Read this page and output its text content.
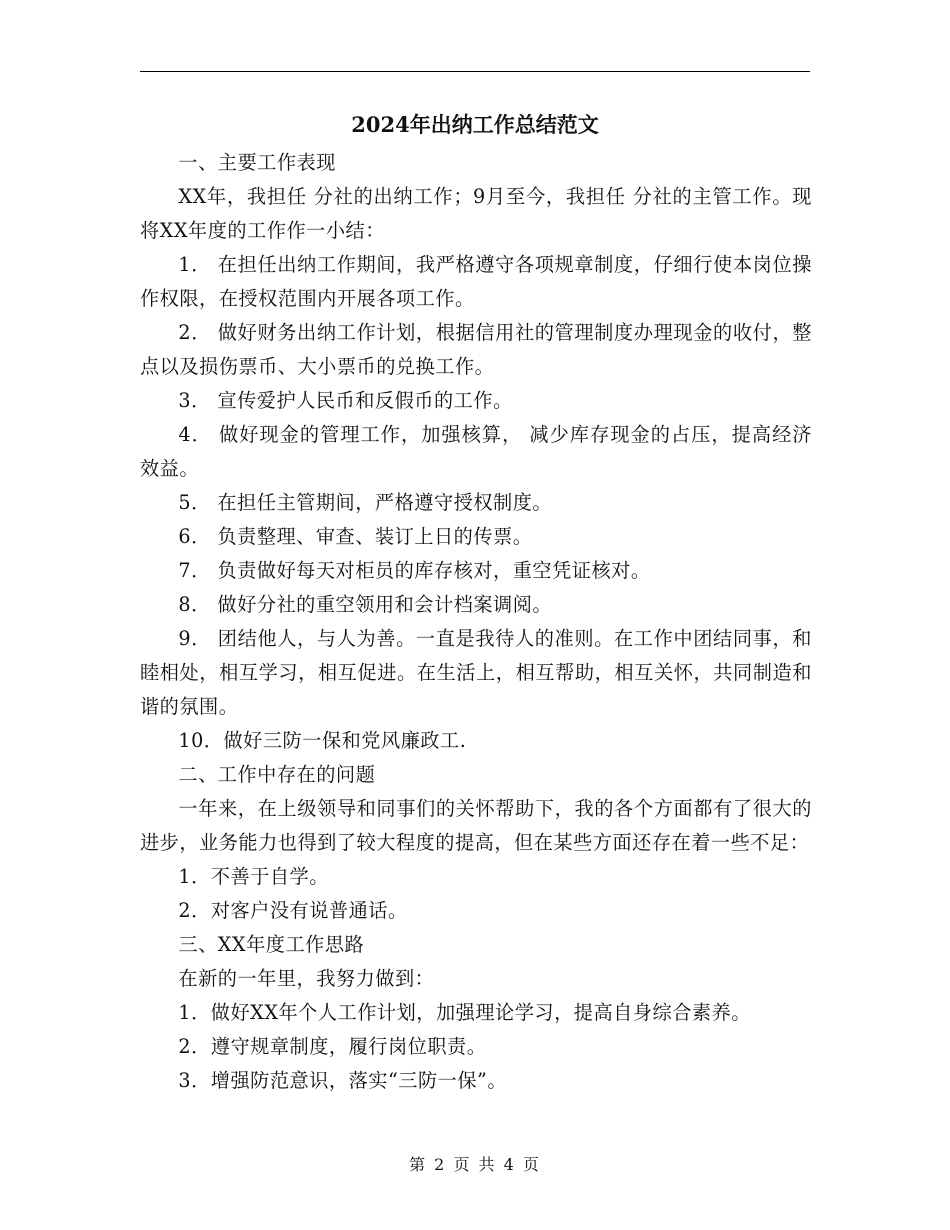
2024年出纳工作总结范文

一、主要工作表现

XX年，我担任 分社的出纳工作；9月至今，我担任 分社的主管工作。现将XX年度的工作作一小结：

1． 在担任出纳工作期间，我严格遵守各项规章制度，仔细行使本岗位操作权限，在授权范围内开展各项工作。

2． 做好财务出纳工作计划，根据信用社的管理制度办理现金的收付，整点以及损伤票币、大小票币的兑换工作。

3． 宣传爱护人民币和反假币的工作。

4． 做好现金的管理工作，加强核算， 减少库存现金的占压，提高经济效益。

5． 在担任主管期间，严格遵守授权制度。

6． 负责整理、审查、装订上日的传票。

7． 负责做好每天对柜员的库存核对，重空凭证核对。

8． 做好分社的重空领用和会计档案调阅。

9． 团结他人，与人为善。一直是我待人的准则。在工作中团结同事，和睦相处，相互学习，相互促进。在生活上，相互帮助，相互关怀，共同制造和谐的氛围。

10．做好三防一保和党风廉政工.

二、工作中存在的问题

一年来，在上级领导和同事们的关怀帮助下，我的各个方面都有了很大的进步，业务能力也得到了较大程度的提高，但在某些方面还存在着一些不足：

1．不善于自学。

2．对客户没有说普通话。

三、XX年度工作思路

在新的一年里，我努力做到：

1．做好XX年个人工作计划，加强理论学习，提高自身综合素养。

2．遵守规章制度，履行岗位职责。

3．增强防范意识，落实“三防一保”。

第 2 页 共 4 页
